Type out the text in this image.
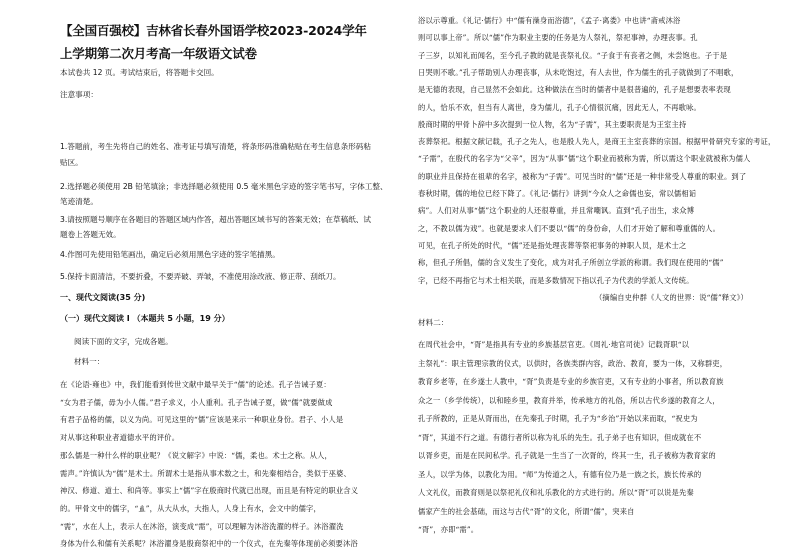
【全国百强校】吉林省长春外国语学校2023-2024学年
上学期第二次月考高一年级语文试卷
本试卷共 12 页。考试结束后，将答题卡交回。
注意事项：
1.答题前，考生先将自己的姓名、准考证号填写清楚，将条形码准确粘贴在考生信息条形码粘
贴区。
2.选择题必须使用 2B 铅笔填涂；非选择题必须使用 0.5 毫米黑色字迹的签字笔书写，字体工整、
笔迹清楚。
3.请按照题号顺序在各题目的答题区域内作答，超出答题区域书写的答案无效；在草稿纸、试
题卷上答题无效。
4.作图可先使用铅笔画出，确定后必须用黑色字迹的签字笔描黑。
5.保持卡面清洁，不要折叠，不要弄破、弄皱，不准使用涂改液、修正带、刮纸刀。
一、现代文阅读(35 分)
（一）现代文阅读 I （本题共 5 小题，19 分）
阅读下面的文字，完成各题。
材料一：
在《论语·雍也》中，我们能看到传世文献中最早关于“儒”的论述。孔子告诫子夏：
“女为君子儒，毋为小人儒。”君子求义，小人重利。孔子告诫子夏，做“儒”就要做成
有君子品格的儒，以义为尚。可见这里的“儒”应该是来示一种职业身份。君子、小人是
对从事这种职业者道德水平的评价。
那么儒是一种什么样的职业呢？《说文解字》中说：“儒，柔也。术士之称。从人，
需声。”许慎认为“儒”是术士。所谓术士是指从事术数之士，和先秦相结合，类似于巫婆、
神汉、修道、道士、和尚等。事实上“儒”字在殷商时代就已出现，而且是有特定的职业含义
的。甲骨文中的儒字，“𢒉”，从大从水，大指人，人身上有水，会文中的儒字，
“需”，水在人上，表示人在沐浴，演变成“需”，可以理解为沐浴洗濯的样子。沐浴濯洗
身体为什么和儒有关系呢？沐浴濯身是殷商祭祀中的一个仪式，在先秦等体现前必须要沐浴
浴以示尊重。《礼记·儒行》中“儒有澡身而浴德”，《孟子·离娄》中也讲“斋戒沐浴
则可以事上帝”。所以“儒”作为职业主要的任务是为人祭礼，祭祀事神，办理丧事。孔
子三岁，以知礼而闻名，至今孔子教的就是丧祭礼仪。“子食于有丧者之侧，未尝饱也。子于是
日哭则不歌。”孔子帮助别人办理丧事，从未吃饱过，有人去世，作为儒生的孔子就做到了不唱歌，
是无德的表现，自己显然不会如此。这种做法在当时的儒者中是很普遍的，孔子是想要表率表现
的人，恰乐不欢，但当有人离世，身为儒儿，孔子心情很沉痛，因此无人，不再歌咏。
殷商时期的甲骨卜辞中多次提到一位人物，名为“子需”，其主要职责是为王室主持
丧葬祭祀。根据文献记载，孔子之先人，也是殷人先人，是商王主室丧葬的宗国。根据甲骨研究专家的考证，
“子需”，在殷代的名字为“父辛”，因为“从事”儒“这个职业而被称为需，所以需这个职业就被称为儒人
的职业并且保持在祖辈的名字，被称为“子需”。可见当时的“儒”还是一种非常受人尊重的职业。到了
春秋时期，儒的地位已经下降了。《礼记·儒行》讲到“今众人之命儒也妄，常以儒相诟
病”。人们对从事“儒”这个职业的人还很尊重，并且常嘲讽。直到“孔子出生，求众博
之，不教以儒为戏”。也就是要求人们不要以“儒”的身份命，人们才开始了解和尊重儒的人。
可见，在孔子所处的时代，“儒”还是指处理丧葬等祭祀事务的神职人员，是术士之
称，但孔子所倡，儒的含义发生了变化，成为对孔子所创立学派的称谓。我们现在使用的“儒”
字，已经不再指它与术士相关联，而是多数情况下指以孔子为代表的学派人文传统。
（摘编自史仲群《人文的世界：说“儒”释文》）
材料二：
在周代社会中，“胥”是指具有专业的乡族基层官吏。《周礼·地官司徒》记载胥职“以
主祭礼”：职主管理宗教的仪式，以供时，各族类群内容，政治、教育，要为一体，又称群吏，
教育乡老等，在乡遂士人教中，“胥”负责是专业的乡族官吏，又有专业的小事者，所以教育族
众之一（乡学传统），以和睦乡里，教育并举，传承地方的礼俗，所以古代乡遂的教育之人，
孔子所教的，正是从胥而出，在先秦孔子时期，孔子为“乡治”开始以来而取，“祝史为
“胥”，其道不行之道。有德行者所以称为礼乐的先生。孔子弟子也有知识，但成就在不
以胥乡吏，而是在民间私学。孔子就是一生当了一次胥的，终其一生，孔子被称为教育家的
圣人，以学为体，以教化为用。“师”为传道之人，有德有位乃是一族之长，族长传承的
人文礼仪，而教育则是以祭祀礼仪和礼乐教化的方式进行的。所以“胥”可以说是先秦
儒家产生的社会基础，而这与古代“胥”的文化，所谓“儒”，突来自
“胥”，亦即“需”。
